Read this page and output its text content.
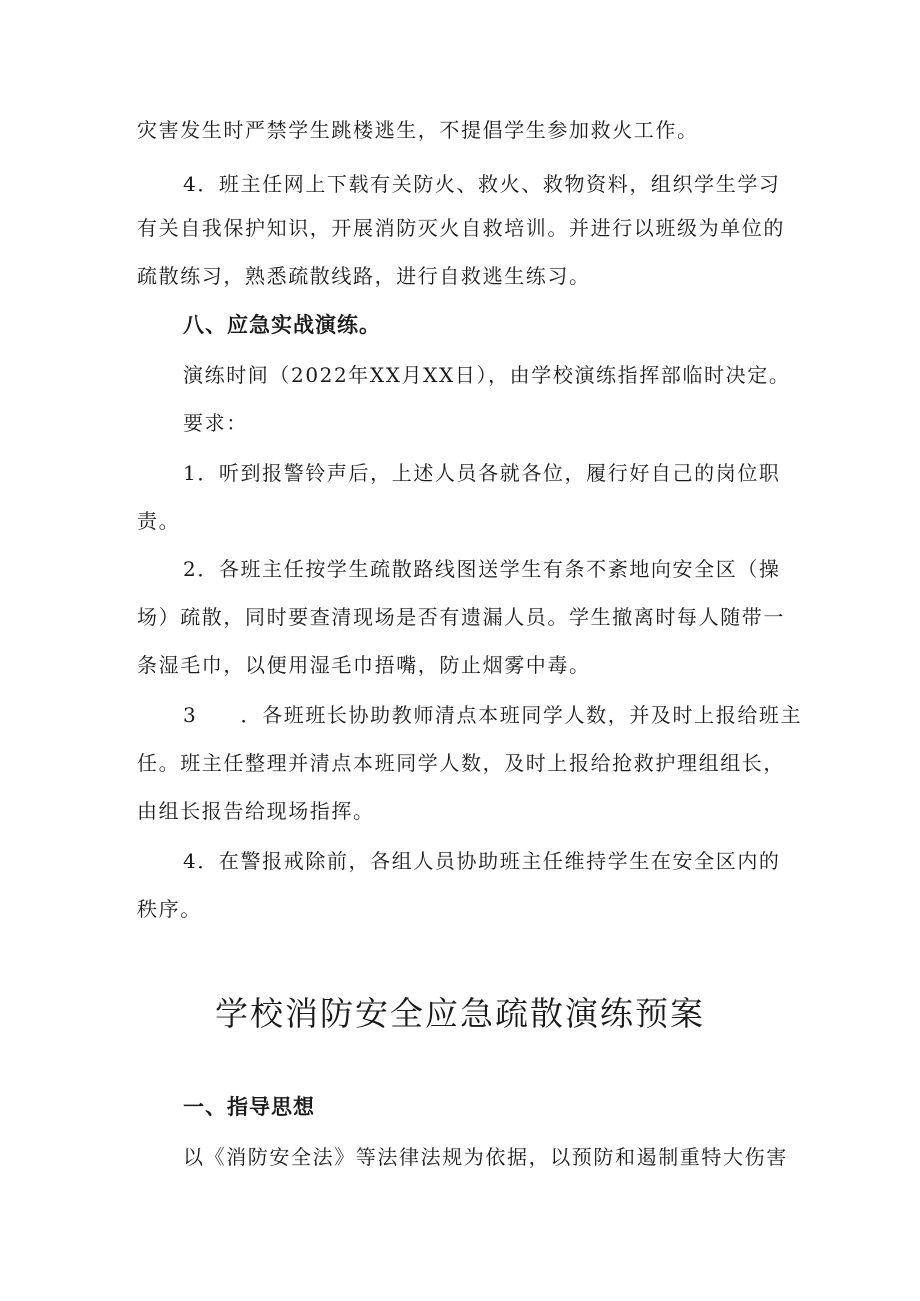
灾害发生时严禁学生跳楼逃生，不提倡学生参加救火工作。
4．班主任网上下载有关防火、救火、救物资料，组织学生学习
有关自我保护知识，开展消防灭火自救培训。并进行以班级为单位的
疏散练习，熟悉疏散线路，进行自救逃生练习。
八、应急实战演练。
演练时间（2022年XX月XX日），由学校演练指挥部临时决定。
要求：
1．听到报警铃声后，上述人员各就各位，履行好自己的岗位职
责。
2．各班主任按学生疏散路线图送学生有条不紊地向安全区（操
场）疏散，同时要查清现场是否有遗漏人员。学生撤离时每人随带一
条湿毛巾，以便用湿毛巾捂嘴，防止烟雾中毒。
3　　．各班班长协助教师清点本班同学人数，并及时上报给班主
任。班主任整理并清点本班同学人数，及时上报给抢救护理组组长，
由组长报告给现场指挥。
4．在警报戒除前，各组人员协助班主任维持学生在安全区内的
秩序。
学校消防安全应急疏散演练预案
一、指导思想
以《消防安全法》等法律法规为依据，以预防和遏制重特大伤害
